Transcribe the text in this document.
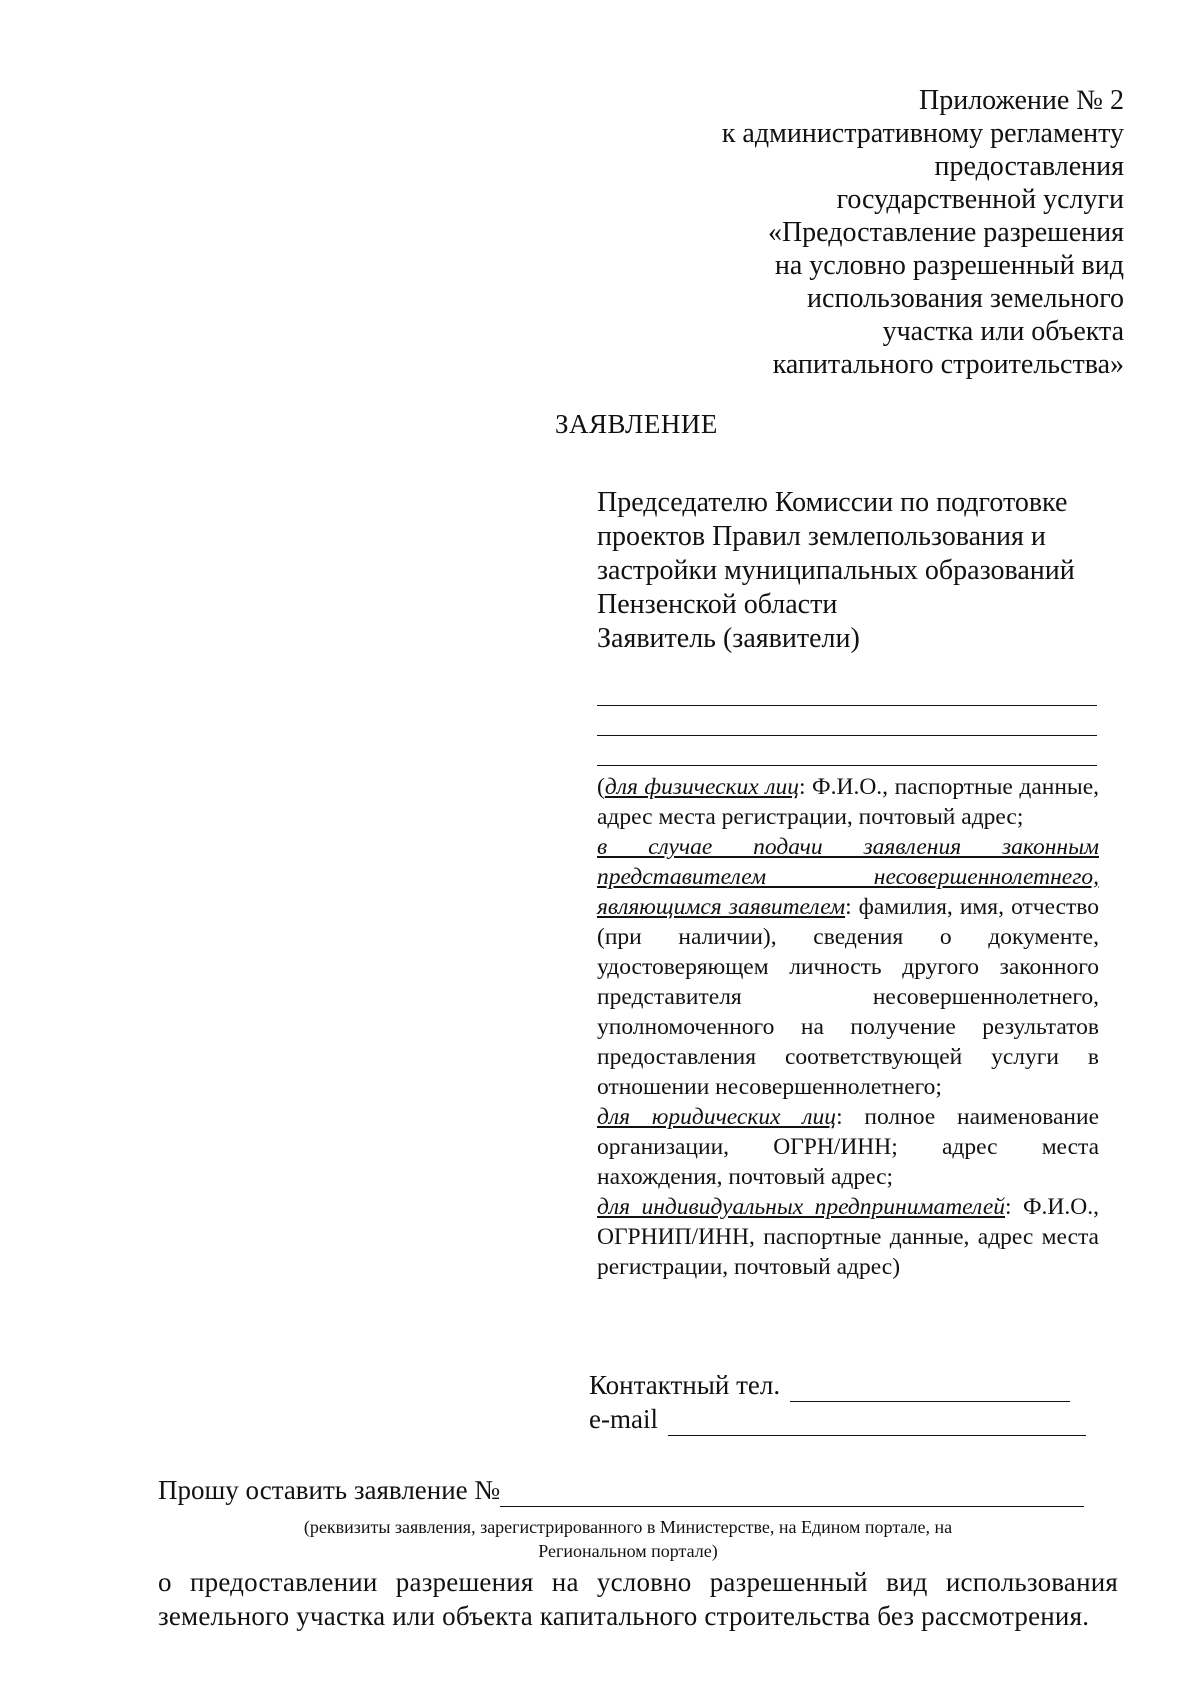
Приложение № 2
к административному регламенту
предоставления
государственной услуги
«Предоставление разрешения
на условно разрешенный вид
использования земельного
участка или объекта
капитального строительства»
ЗАЯВЛЕНИЕ
Председателю Комиссии по подготовке
проектов Правил землепользования и
застройки муниципальных образований
Пензенской области
Заявитель (заявители)

(для физических лиц: Ф.И.О., паспортные данные, адрес места регистрации, почтовый адрес;

в случае подачи заявления законным представителем несовершеннолетнего, являющимся заявителем: фамилия, имя, отчество (при наличии), сведения о документе, удостоверяющем личность другого законного представителя несовершеннолетнего, уполномоченного на получение результатов предоставления соответствующей услуги в отношении несовершеннолетнего;

для юридических лиц: полное наименование организации, ОГРН/ИНН; адрес места нахождения, почтовый адрес;

для индивидуальных предпринимателей: Ф.И.О., ОГРНИП/ИНН, паспортные данные, адрес места регистрации, почтовый адрес)

Контактный тел.
e-mail
Прошу оставить заявление №
(реквизиты заявления, зарегистрированного в Министерстве, на Едином портале, на
Региональном портале)
о предоставлении разрешения на условно разрешенный вид использования земельного участка или объекта капитального строительства без рассмотрения.
